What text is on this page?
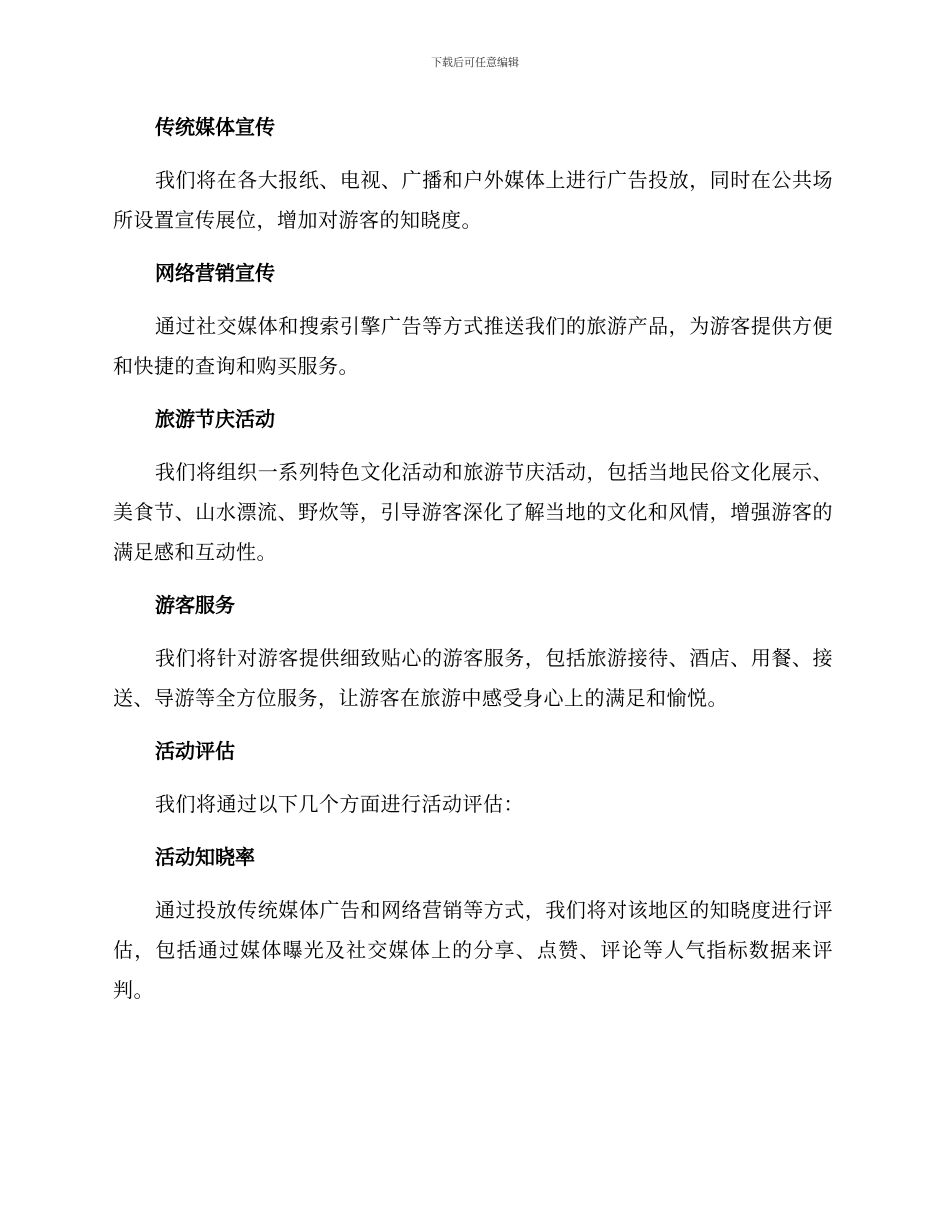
下载后可任意编辑
传统媒体宣传

我们将在各大报纸、电视、广播和户外媒体上进行广告投放，同时在公共场所设置宣传展位，增加对游客的知晓度。

网络营销宣传

通过社交媒体和搜索引擎广告等方式推送我们的旅游产品，为游客提供方便和快捷的查询和购买服务。

旅游节庆活动

我们将组织一系列特色文化活动和旅游节庆活动，包括当地民俗文化展示、美食节、山水漂流、野炊等，引导游客深化了解当地的文化和风情，增强游客的满足感和互动性。

游客服务

我们将针对游客提供细致贴心的游客服务，包括旅游接待、酒店、用餐、接送、导游等全方位服务，让游客在旅游中感受身心上的满足和愉悦。

活动评估

我们将通过以下几个方面进行活动评估：

活动知晓率

通过投放传统媒体广告和网络营销等方式，我们将对该地区的知晓度进行评估，包括通过媒体曝光及社交媒体上的分享、点赞、评论等人气指标数据来评判。
